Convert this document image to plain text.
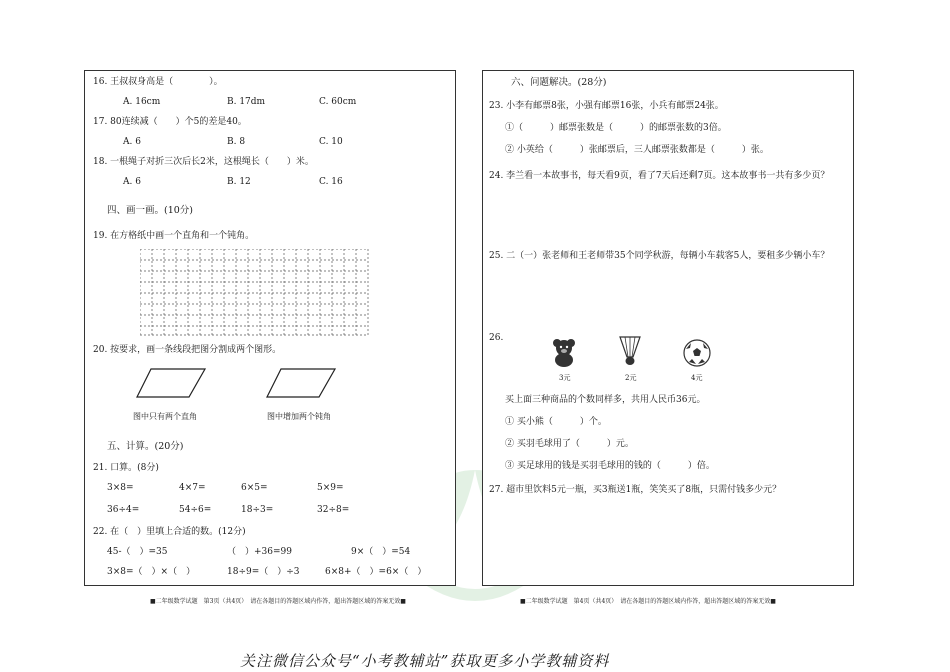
16. 王叔叔身高是（　　　　）。
A. 16cm	B. 17dm	C. 60cm
17. 80连续减（　　）个5的差是40。
A. 6	B. 8	C. 10
18. 一根绳子对折三次后长2米，这根绳长（　　）米。
A. 6	B. 12	C. 16
四、画一画。(10分)
19. 在方格纸中画一个直角和一个钝角。
20. 按要求，画一条线段把图分割成两个图形。
图中只有两个直角	图中增加两个钝角
五、计算。(20分)
21. 口算。(8分)
3×8=	4×7=	6×5=	5×9=
36÷4=	54÷6=	18÷3=	32÷8=
22. 在（　）里填上合适的数。(12分)
45-（　）=35	（　）+36=99	9×（　）=54
3×8=（　）×（　）	18÷9=（　）÷3	6×8+（　）=6×（　）
■二年级数学试题　第3页（共4页）　请在各题目的答题区域内作答，超出答题区域的答案无效■
六、问题解决。(28分)
23. 小李有邮票8张，小强有邮票16张，小兵有邮票24张。
①（　　　）邮票张数是（　　　）的邮票张数的3倍。
② 小英给（　　　）张邮票后，三人邮票张数都是（　　　）张。
24. 李兰看一本故事书，每天看9页，看了7天后还剩7页。这本故事书一共有多少页？
25. 二（一）张老师和王老师带35个同学秋游，每辆小车载客5人，要租多少辆小车？
26.
3元	2元	4元
买上面三种商品的个数同样多，共用人民币36元。
① 买小熊（　　　）个。
② 买羽毛球用了（　　　）元。
③ 买足球用的钱是买羽毛球用的钱的（　　　）倍。
27. 超市里饮料5元一瓶，买3瓶送1瓶，笑笑买了8瓶，只需付钱多少元？
■二年级数学试题　第4页（共4页）　请在各题目的答题区域内作答，超出答题区域的答案无效■
关注微信公众号“小考教辅站”获取更多小学教辅资料
